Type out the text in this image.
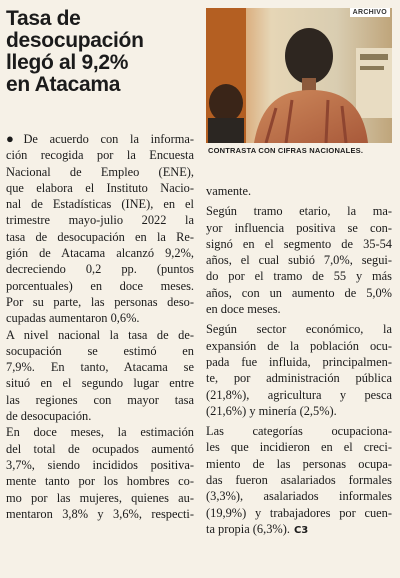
Tasa de
desocupación
llegó al 9,2%
en Atacama
ARCHIVO
CONTRASTA CON CIFRAS NACIONALES.
●De acuerdo con la informa-
ción recogida por la Encuesta
Nacional de Empleo (ENE),
que elabora el Instituto Nacio-
nal de Estadísticas (INE), en el
trimestre mayo-julio 2022 la
tasa de desocupación en la Re-
gión de Atacama alcanzó 9,2%,
decreciendo 0,2 pp. (puntos
porcentuales) en doce meses.
Por su parte, las personas deso-
cupadas aumentaron 0,6%.
A nivel nacional la tasa de de-
socupación se estimó en
7,9%. En tanto, Atacama se
situó en el segundo lugar entre
las regiones con mayor tasa
de desocupación.
En doce meses, la estimación
del total de ocupados aumentó
3,7%, siendo incididos positiva-
mente tanto por los hombres co-
mo por las mujeres, quienes au-
mentaron 3,8% y 3,6%, respecti-
vamente.
Según tramo etario, la ma-
yor influencia positiva se con-
signó en el segmento de 35-54
años, el cual subió 7,0%, segui-
do por el tramo de 55 y más
años, con un aumento de 5,0%
en doce meses.
Según sector económico, la
expansión de la población ocu-
pada fue influida, principalmen-
te, por administración pública
(21,8%), agricultura y pesca
(21,6%) y minería (2,5%).
Las categorías ocupaciona-
les que incidieron en el creci-
miento de las personas ocupa-
das fueron asalariados formales
(3,3%), asalariados informales
(19,9%) y trabajadores por cuen-
ta propia (6,3%). C3
